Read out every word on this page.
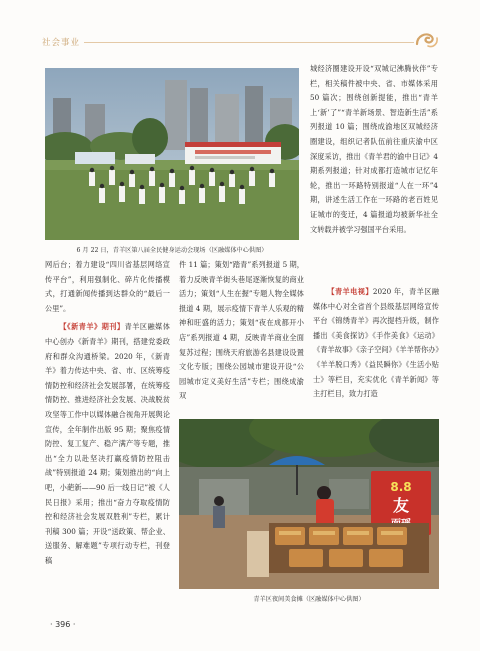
社会事业
6 月 22 日，青羊区第八届全民健身运动会现场（区融媒体中心供图）

城经济圈建设开设“双城记沸腾伙伴”专栏，相关稿件被中央、省、市媒体采用 50 篇次；围绕创新提能，推出“青羊上‘新’了”“青羊新场景、智造新生活”系列报道 10 篇；围绕成渝地区双城经济圈建设，组织记者队伍前往重庆渝中区深度采访，推出《青羊君的渝中日记》4 期系列报道；针对成都打造城市记忆年轮，推出一环路特别报道“人在一环”4 期，讲述生活工作在一环路的老百姓见证城市的变迁，4 篇报道均被新华社全文转载并被学习强国平台采用。

网后台；着力建设“四川省基层网络宣传平台”，利用强制化、碎片化传播模式，打通新闻传播到达群众的“最后一公里”。

【《新青羊》期刊】青羊区融媒体中心创办《新青羊》期刊，搭建党委政府和群众沟通桥梁。2020 年，《新青羊》着力传达中央、省、市、区统筹疫情防控和经济社会发展部署，在统筹疫情防控、推进经济社会发展、决战脱贫攻坚等工作中以媒体融合视角开展舆论宣传，全年制作出版 95 期；聚焦疫情防控、复工复产、稳产满产等专题，推出“全力以赴坚决打赢疫情防控阻击战”特别报道 24 期；策划推出的“向上吧，小葩新——90 后一线日记”被《人民日报》采用；推出“奋力夺取疫情防控和经济社会发展双胜利”专栏，累计刊稿 300 篇；开设“送政策、帮企业、送服务、解难题”专项行动专栏，刊登稿

件 11 篇；策划“踏青”系列报道 5 期，着力反映青羊街头巷尾逐渐恢复的商业活力；策划“人生在握”专题人物全媒体报道 4 期，展示疫情下青羊人乐观的精神和旺盛的活力；策划“夜在成都开小店”系列报道 4 期，反映青羊商业全面复苏过程；围绕天府旅游名县建设设置文化专版；围绕公园城市建设开设“公园城市定义美好生活”专栏；围绕成渝双

【青羊电视】2020 年，青羊区融媒体中心对全省首个县级基层网络宣传平台《锦绣青羊》再次提档升级，制作播出《美食探访》《手作美食》《运动》《青羊故事》《亲子空间》《羊羊帮你办》《羊羊脱口秀》《益民瞬你》《生活小贴士》等栏目，充实优化《青羊新闻》等主打栏目，致力打造

8.8
友
青羊区夜间美食摊（区融媒体中心供图）
· 396 ·
